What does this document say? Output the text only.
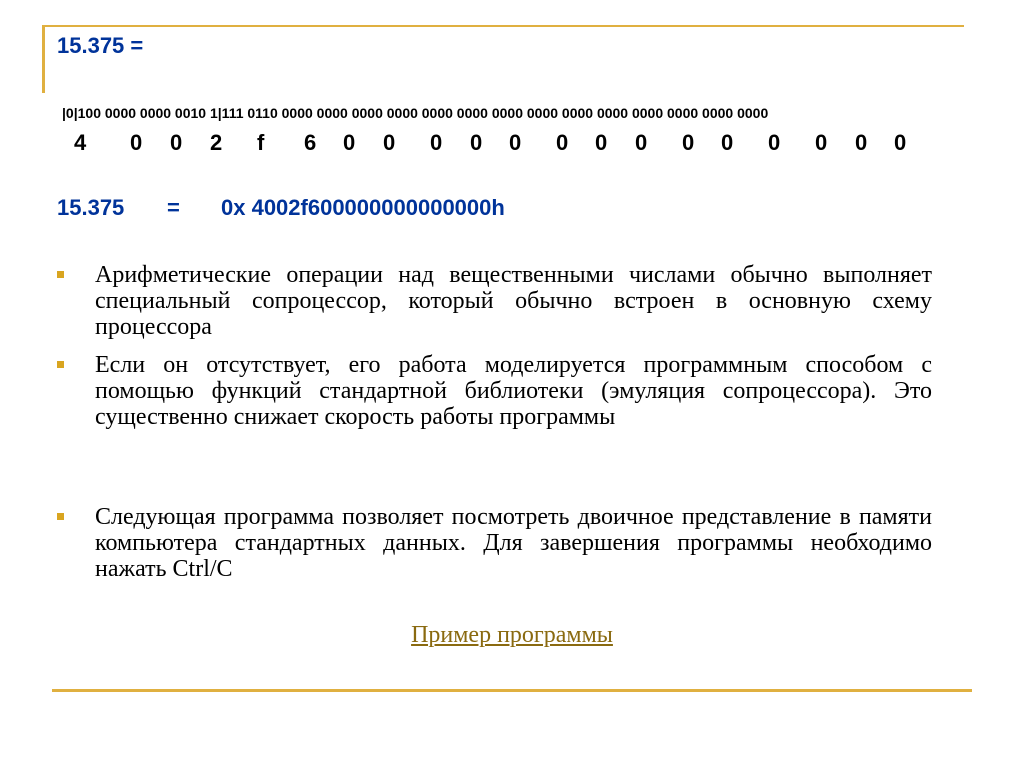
15.375 =
|0|100 0000 0000 0010 1|111 0110 0000 0000 0000 0000 0000 0000 0000 0000 0000 0000 0000 0000 0000 0000
4 0 0 2 f 6 0 0 0 0 0 0 0 0 0 0 0 0 0 0

15.375

=

0x 4002f600000000000000h

Арифметические операции над вещественными числами обычно выполняет специальный сопроцессор, который обычно встроен в основную схему процессора
Если он отсутствует, его работа моделируется программным способом с помощью функций стандартной библиотеки (эмуляция сопроцессора). Это существенно снижает скорость работы программы
Следующая программа позволяет посмотреть двоичное представление в памяти компьютера стандартных данных. Для завершения программы необходимо нажать Ctrl/C
Пример программы
